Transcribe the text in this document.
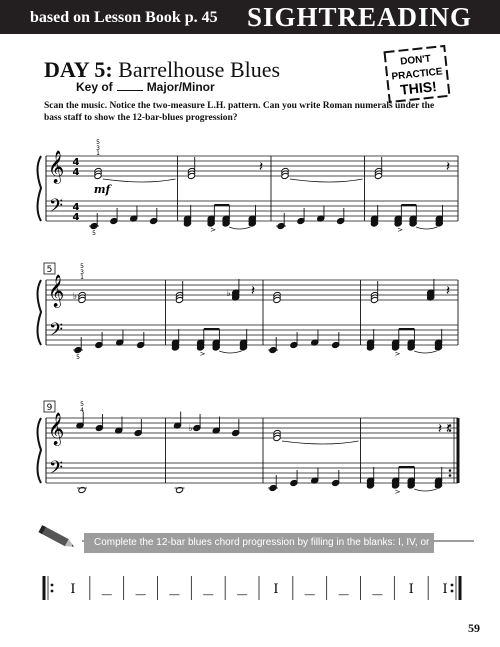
based on Lesson Book p. 45 SIGHTREADING
DAY 5: Barrelhouse Blues
Key of	Major/Minor
DON'T
PRACTICE
THIS!
Scan the music. Notice the two-measure L.H. pattern. Can you write Roman numerals under the bass staff to show the 12-bar-blues progression?
𝄞
𝄢
4
4
4
4
5
3
1
mf
𝄽	𝄽
5	>	>
𝄞
𝄢
5	5
3
1
♭	♭ 𝄽	𝄽
5	>	>
𝄞
𝄢
9	5
4
♭	𝄽
𝄽
>
Complete the 12-bar blues chord progression by filling in the blanks: I, IV, or V
I	__ __ __ __ __ I	__ __ __ I I
59
